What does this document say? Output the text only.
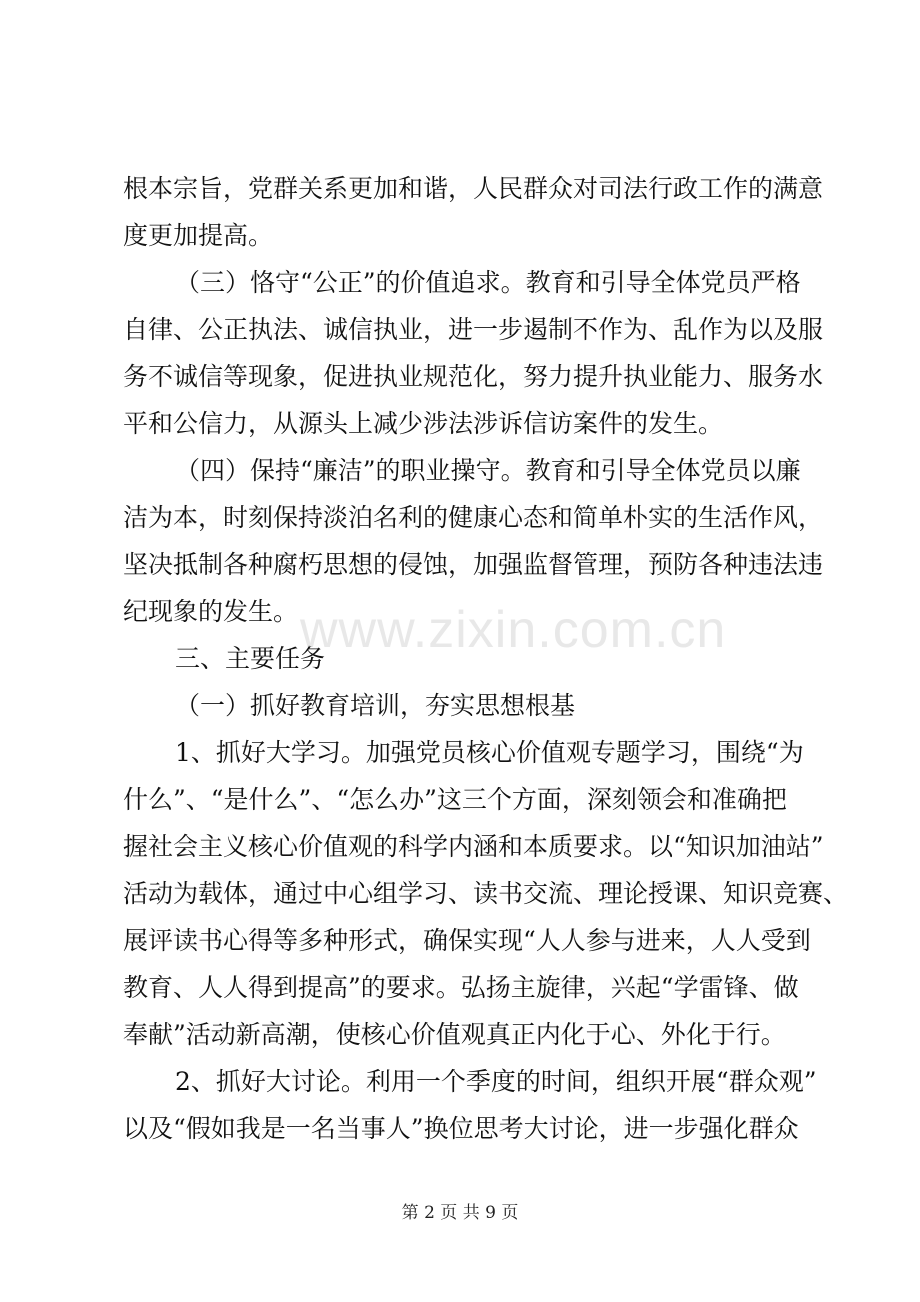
根本宗旨，党群关系更加和谐，人民群众对司法行政工作的满意
度更加提高。
（三）恪守“公正”的价值追求。教育和引导全体党员严格
自律、公正执法、诚信执业，进一步遏制不作为、乱作为以及服
务不诚信等现象，促进执业规范化，努力提升执业能力、服务水
平和公信力，从源头上减少涉法涉诉信访案件的发生。
（四）保持“廉洁”的职业操守。教育和引导全体党员以廉
洁为本，时刻保持淡泊名利的健康心态和简单朴实的生活作风，
坚决抵制各种腐朽思想的侵蚀，加强监督管理，预防各种违法违
纪现象的发生。
三、主要任务
（一）抓好教育培训，夯实思想根基
1、抓好大学习。加强党员核心价值观专题学习，围绕“为
什么”、“是什么”、“怎么办”这三个方面，深刻领会和准确把
握社会主义核心价值观的科学内涵和本质要求。以“知识加油站”
活动为载体，通过中心组学习、读书交流、理论授课、知识竞赛、
展评读书心得等多种形式，确保实现“人人参与进来，人人受到
教育、人人得到提高”的要求。弘扬主旋律，兴起“学雷锋、做
奉献”活动新高潮，使核心价值观真正内化于心、外化于行。
2、抓好大讨论。利用一个季度的时间，组织开展“群众观”
以及“假如我是一名当事人”换位思考大讨论，进一步强化群众
www.zixin.com.cn
第 2 页 共 9 页
